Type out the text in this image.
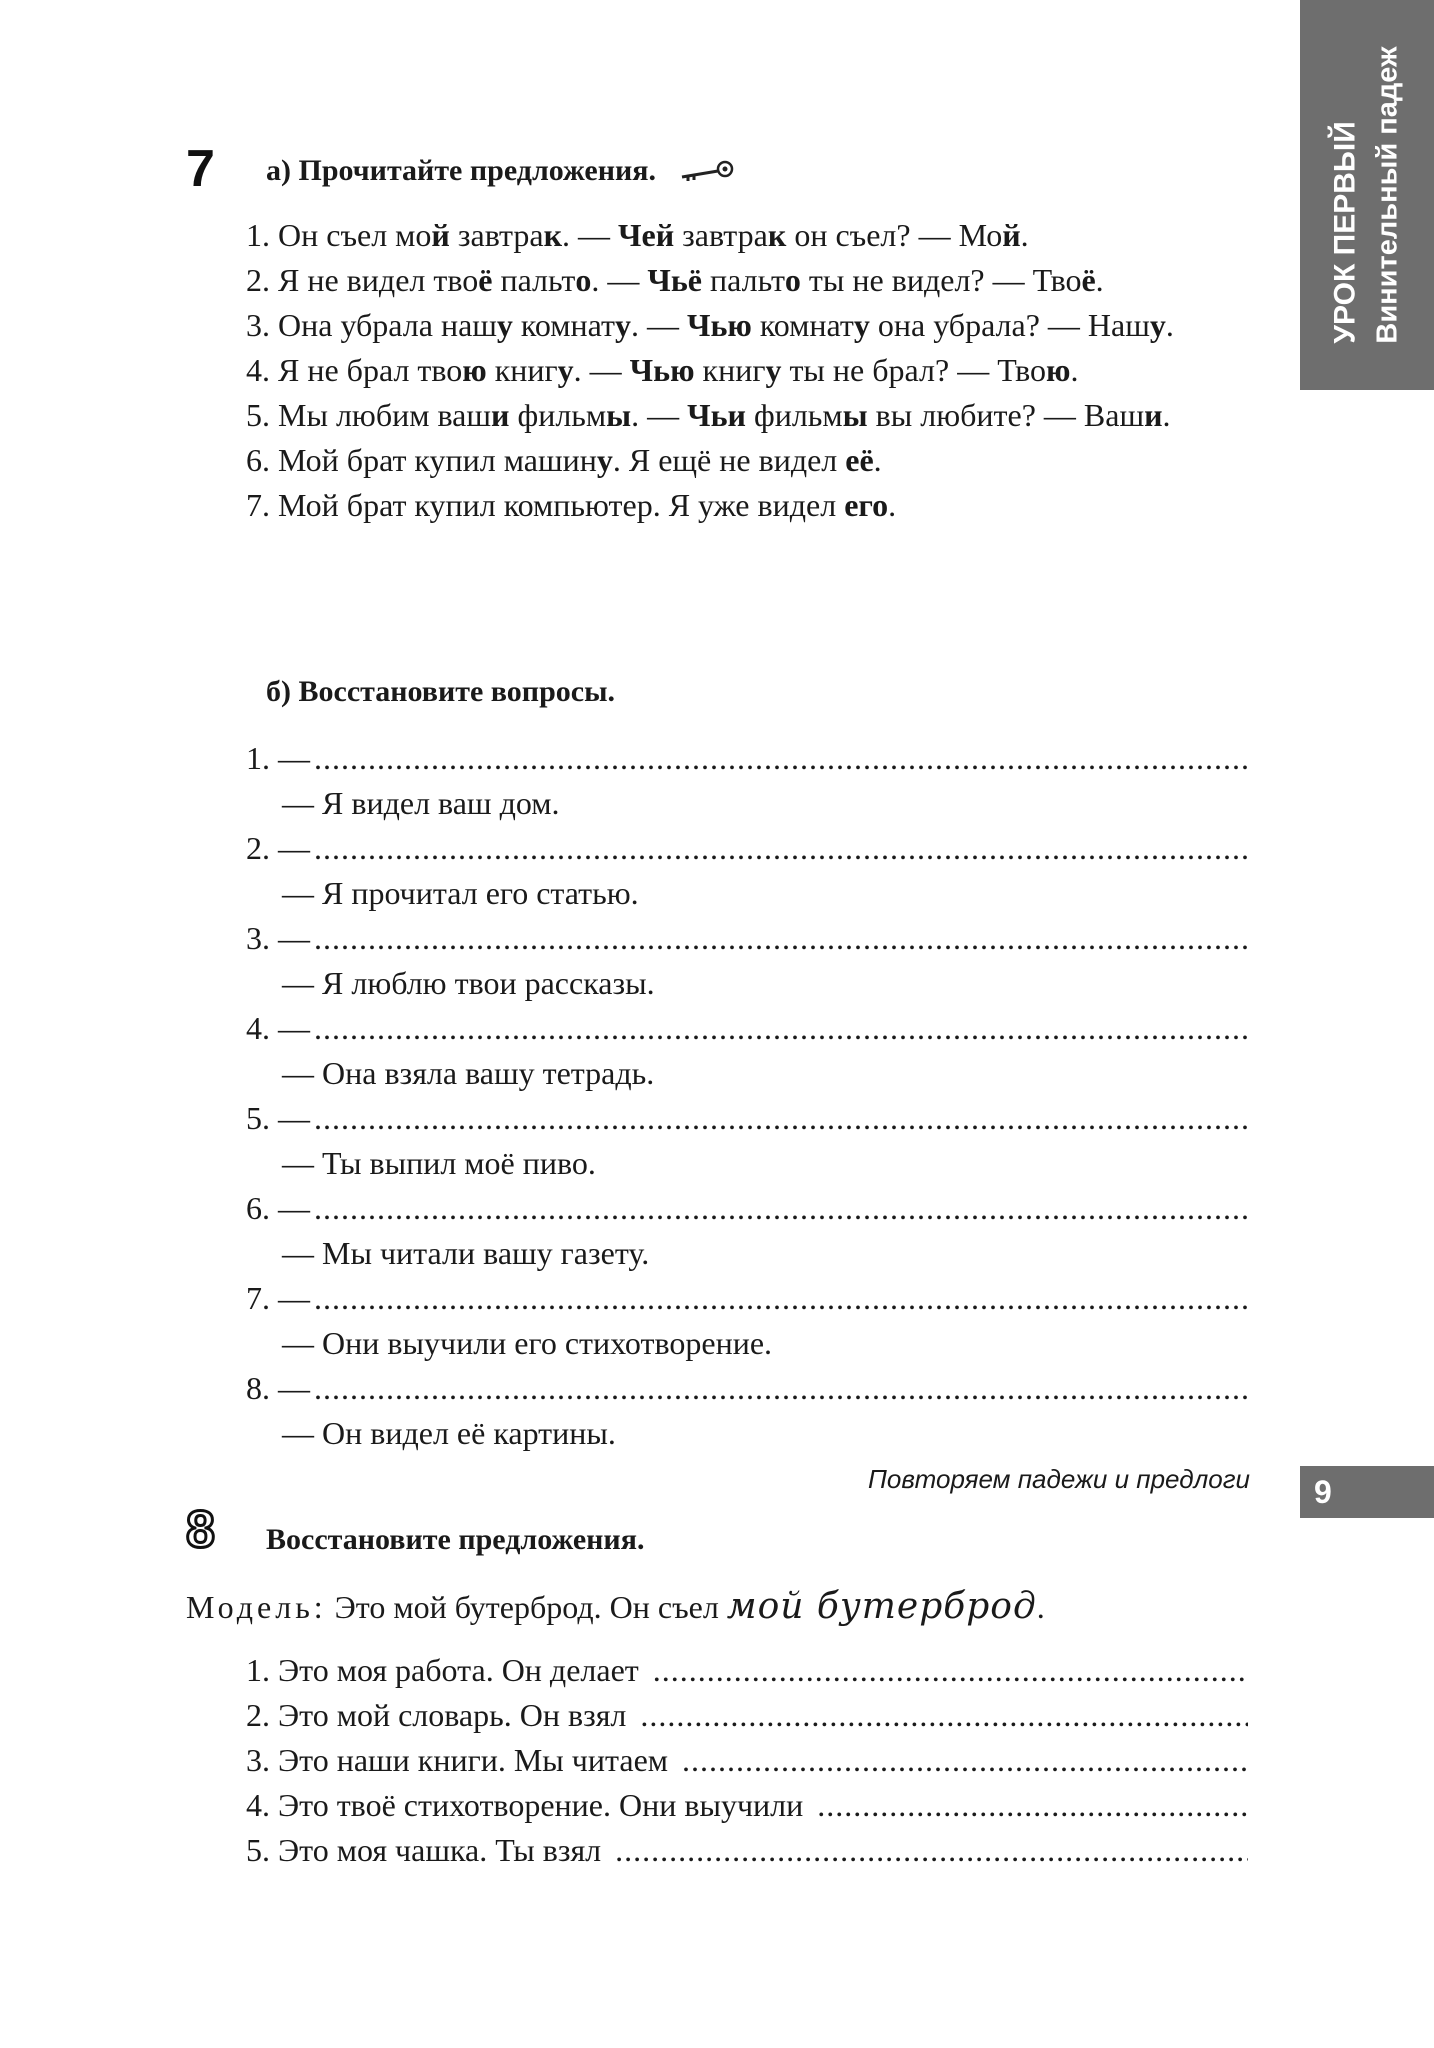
УРОК ПЕРВЫЙ Винительный падеж
7 а) Прочитайте предложения.
1. Он съел мой завтрак. — Чей завтрак он съел? — Мой.
2. Я не видел твоё пальто. — Чьё пальто ты не видел? — Твоё.
3. Она убрала нашу комнату. — Чью комнату она убрала? — Нашу.
4. Я не брал твою книгу. — Чью книгу ты не брал? — Твою.
5. Мы любим ваши фильмы. — Чьи фильмы вы любите? — Ваши.
6. Мой брат купил машину. Я ещё не видел её.
7. Мой брат купил компьютер. Я уже видел его.
б) Восстановите вопросы.
1. —
.....
— Я видел ваш дом.
2. —
.....
— Я прочитал его статью.
3. —
.....
— Я люблю твои рассказы.
4. —
.....
— Она взяла вашу тетрадь.
5. —
.....
— Ты выпил моё пиво.
6. —
.....
— Мы читали вашу газету.
7. —
.....
— Они выучили его стихотворение.
8. —
.....
— Он видел её картины.
8 Восстановите предложения.
Модель: Это мой бутерброд. Он съел мой бутерброд.
1. Это моя работа. Он делает
.....
2. Это мой словарь. Он взял
.....
3. Это наши книги. Мы читаем
.....
4. Это твоё стихотворение. Они выучили
.....
5. Это моя чашка. Ты взял
.....
Повторяем падежи и предлоги	9
